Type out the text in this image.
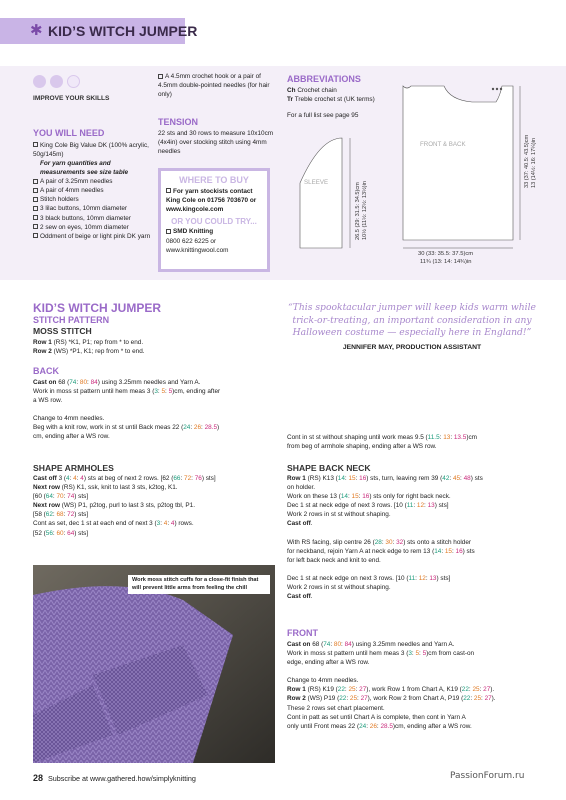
✱ KID’S WITCH JUMPER
IMPROVE YOUR SKILLS
YOU WILL NEED
King Cole Big Value DK (100% acrylic, 50g/145m)
For yarn quantities and measurements see size table
A pair of 3.25mm needles
A pair of 4mm needles
Stitch holders
3 lilac buttons, 10mm diameter
3 black buttons, 10mm diameter
2 sew on eyes, 10mm diameter
Oddment of beige or light pink DK yarn
A 4.5mm crochet hook or a pair of 4.5mm double-pointed needles (for hair only)
TENSION
22 sts and 30 rows to measure 10x10cm (4x4in) over stocking stitch using 4mm needles
WHERE TO BUY
For yarn stockists contact King Cole on 01756 703670 or www.kingcole.com
OR YOU COULD TRY...
SMD Knitting
0800 622 6225 or www.knittingwool.com
ABBREVIATIONS
Ch Crochet chain
Tr Treble crochet st (UK terms)
For a full list see page 95
SLEEVE
FRONT & BACK
26.5 (29: 31.5: 34.5)cm 10½ (11½: 12½: 13½)in
33 (37: 40.5: 43.5)cm 13 (14½: 16: 17¼)in
30 (33: 35.5: 37.5)cm
11¾ (13: 14: 14¾)in
KID’S WITCH JUMPER
STITCH PATTERN
MOSS STITCH
Row 1 (RS) *K1, P1; rep from * to end.
Row 2 (WS) *P1, K1; rep from * to end.
BACK
Cast on 68 (74: 80: 84) using 3.25mm needles and Yarn A.
Work in moss st pattern until hem meas 3 (3: 5: 5)cm, ending after
a WS row.
Change to 4mm needles.
Beg with a knit row, work in st st until Back meas 22 (24: 26: 28.5)
cm, ending after a WS row.
SHAPE ARMHOLES
Cast off 3 (4: 4: 4) sts at beg of next 2 rows. [62 (66: 72: 76) sts]
Next row (RS) K1, ssk, knit to last 3 sts, k2tog, K1.
[60 (64: 70: 74) sts]
Next row (WS) P1, p2tog, purl to last 3 sts, p2tog tbl, P1.
[58 (62: 68: 72) sts]
Cont as set, dec 1 st at each end of next 3 (3: 4: 4) rows.
[52 (56: 60: 64) sts]
Work moss stitch cuffs for a close-fit finish that will prevent little arms from feeling the chill
“This spooktacular jumper will keep kids warm while trick-or-treating, an important consideration in any Halloween costume — especially here in England!”
JENNIFER MAY, PRODUCTION ASSISTANT
Cont in st st without shaping until work meas 9.5 (11.5: 13: 13.5)cm
from beg of armhole shaping, ending after a WS row.
SHAPE BACK NECK
Row 1 (RS) K13 (14: 15: 16) sts, turn, leaving rem 39 (42: 45: 48) sts
on holder.
Work on these 13 (14: 15: 16) sts only for right back neck.
Dec 1 st at neck edge of next 3 rows. [10 (11: 12: 13) sts]
Work 2 rows in st st without shaping.
Cast off.
With RS facing, slip centre 26 (28: 30: 32) sts onto a stitch holder
for neckband, rejoin Yarn A at neck edge to rem 13 (14: 15: 16) sts
for left back neck and knit to end.
Dec 1 st at neck edge on next 3 rows. [10 (11: 12: 13) sts]
Work 2 rows in st st without shaping.
Cast off.
FRONT
Cast on 68 (74: 80: 84) using 3.25mm needles and Yarn A.
Work in moss st pattern until hem meas 3 (3: 5: 5)cm from cast-on
edge, ending after a WS row.
Change to 4mm needles.
Row 1 (RS) K19 (22: 25: 27), work Row 1 from Chart A, K19 (22: 25: 27).
Row 2 (WS) P19 (22: 25: 27), work Row 2 from Chart A, P19 (22: 25: 27).
These 2 rows set chart placement.
Cont in patt as set until Chart A is complete, then cont in Yarn A
only until Front meas 22 (24: 26: 28.5)cm, ending after a WS row.
28 Subscribe at www.gathered.how/simplyknitting	PassionForum.ru
